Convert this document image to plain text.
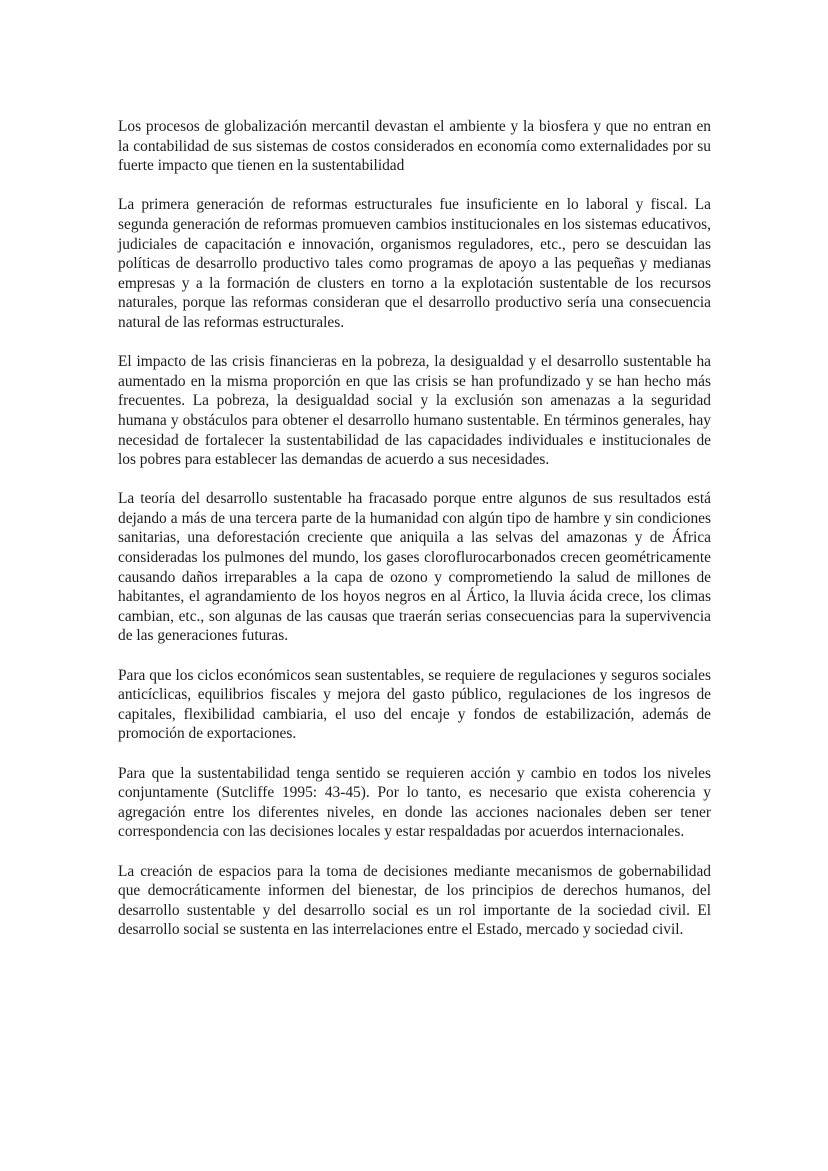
Los procesos de globalización mercantil devastan el ambiente y la biosfera y que no entran en la contabilidad de sus sistemas de costos considerados en economía como externalidades por su fuerte impacto que tienen en la sustentabilidad

La primera generación de reformas estructurales fue insuficiente en lo laboral y fiscal. La segunda generación de reformas promueven cambios institucionales en los sistemas educativos, judiciales de capacitación e innovación, organismos reguladores, etc., pero se descuidan las políticas de desarrollo productivo tales como programas de apoyo a las pequeñas y medianas empresas y a la formación de clusters en torno a la explotación sustentable de los recursos naturales, porque las reformas consideran que el desarrollo productivo sería una consecuencia natural de las reformas estructurales.

El impacto de las crisis financieras en la pobreza, la desigualdad y el desarrollo sustentable ha aumentado en la misma proporción en que las crisis se han profundizado y se han hecho más frecuentes. La pobreza, la desigualdad social y la exclusión son amenazas a la seguridad humana y obstáculos para obtener el desarrollo humano sustentable. En términos generales, hay necesidad de fortalecer la sustentabilidad de las capacidades individuales e institucionales de los pobres para establecer las demandas de acuerdo a sus necesidades.

La teoría del desarrollo sustentable ha fracasado porque entre algunos de sus resultados está dejando a más de una tercera parte de la humanidad con algún tipo de hambre y sin condiciones sanitarias, una deforestación creciente que aniquila a las selvas del amazonas y de África consideradas los pulmones del mundo, los gases cloroflurocarbonados crecen geométricamente causando daños irreparables a la capa de ozono y comprometiendo la salud de millones de habitantes, el agrandamiento de los hoyos negros en al Ártico, la lluvia ácida crece, los climas cambian, etc., son algunas de las causas que traerán serias consecuencias para la supervivencia de las generaciones futuras.

Para que los ciclos económicos sean sustentables, se requiere de regulaciones y seguros sociales anticíclicas, equilibrios fiscales y mejora del gasto público, regulaciones de los ingresos de capitales, flexibilidad cambiaria, el uso del encaje y fondos de estabilización, además de promoción de exportaciones.

Para que la sustentabilidad tenga sentido se requieren acción y cambio en todos los niveles conjuntamente (Sutcliffe 1995: 43-45). Por lo tanto, es necesario que exista coherencia y agregación entre los diferentes niveles, en donde las acciones nacionales deben ser tener correspondencia con las decisiones locales y estar respaldadas por acuerdos internacionales.

La creación de espacios para la toma de decisiones mediante mecanismos de gobernabilidad que democráticamente informen del bienestar, de los principios de derechos humanos, del desarrollo sustentable y del desarrollo social es un rol importante de la sociedad civil. El desarrollo social se sustenta en las interrelaciones entre el Estado, mercado y sociedad civil.
